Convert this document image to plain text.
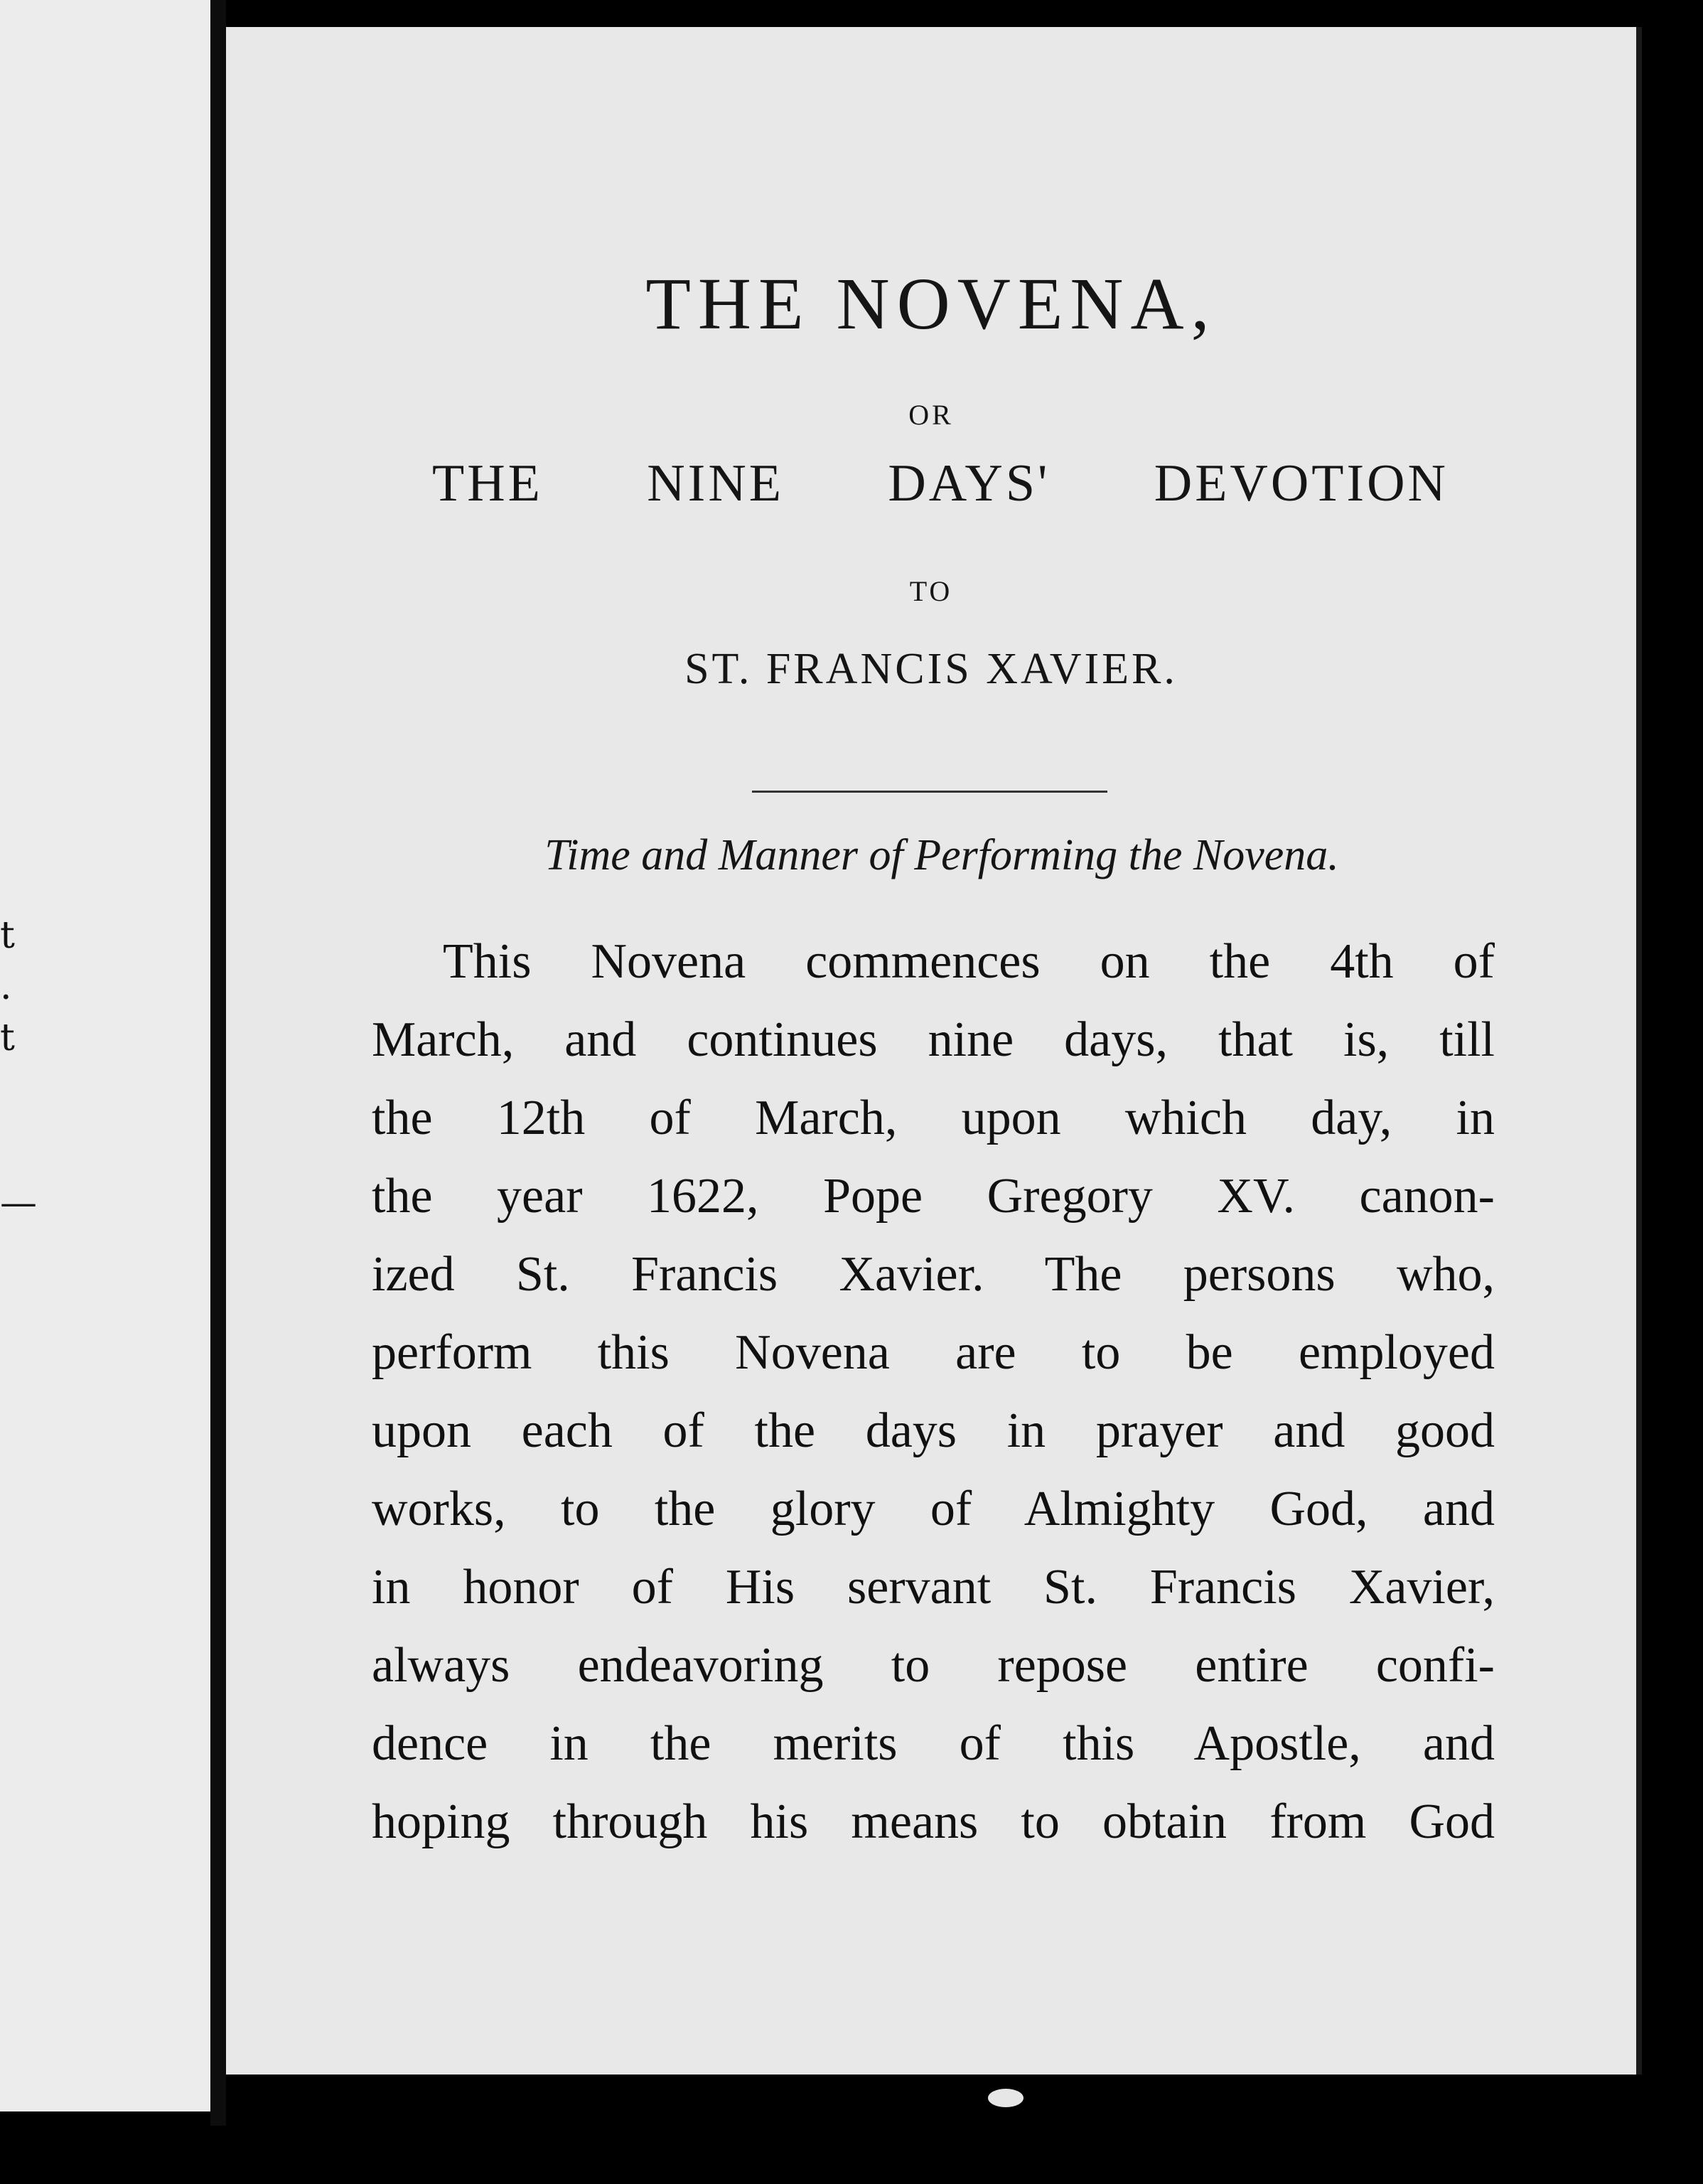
t
.
t
—
THE NOVENA,
OR
THE NINE DAYS' DEVOTION
TO
ST. FRANCIS XAVIER.
Time and Manner of Performing the Novena.
This Novena commences on the 4th of
March, and continues nine days, that is, till
the 12th of March, upon which day, in
the year 1622, Pope Gregory XV. canon-
ized St. Francis Xavier. The persons who,
perform this Novena are to be employed
upon each of the days in prayer and good
works, to the glory of Almighty God, and
in honor of His servant St. Francis Xavier,
always endeavoring to repose entire confi-
dence in the merits of this Apostle, and
hoping through his means to obtain from God
